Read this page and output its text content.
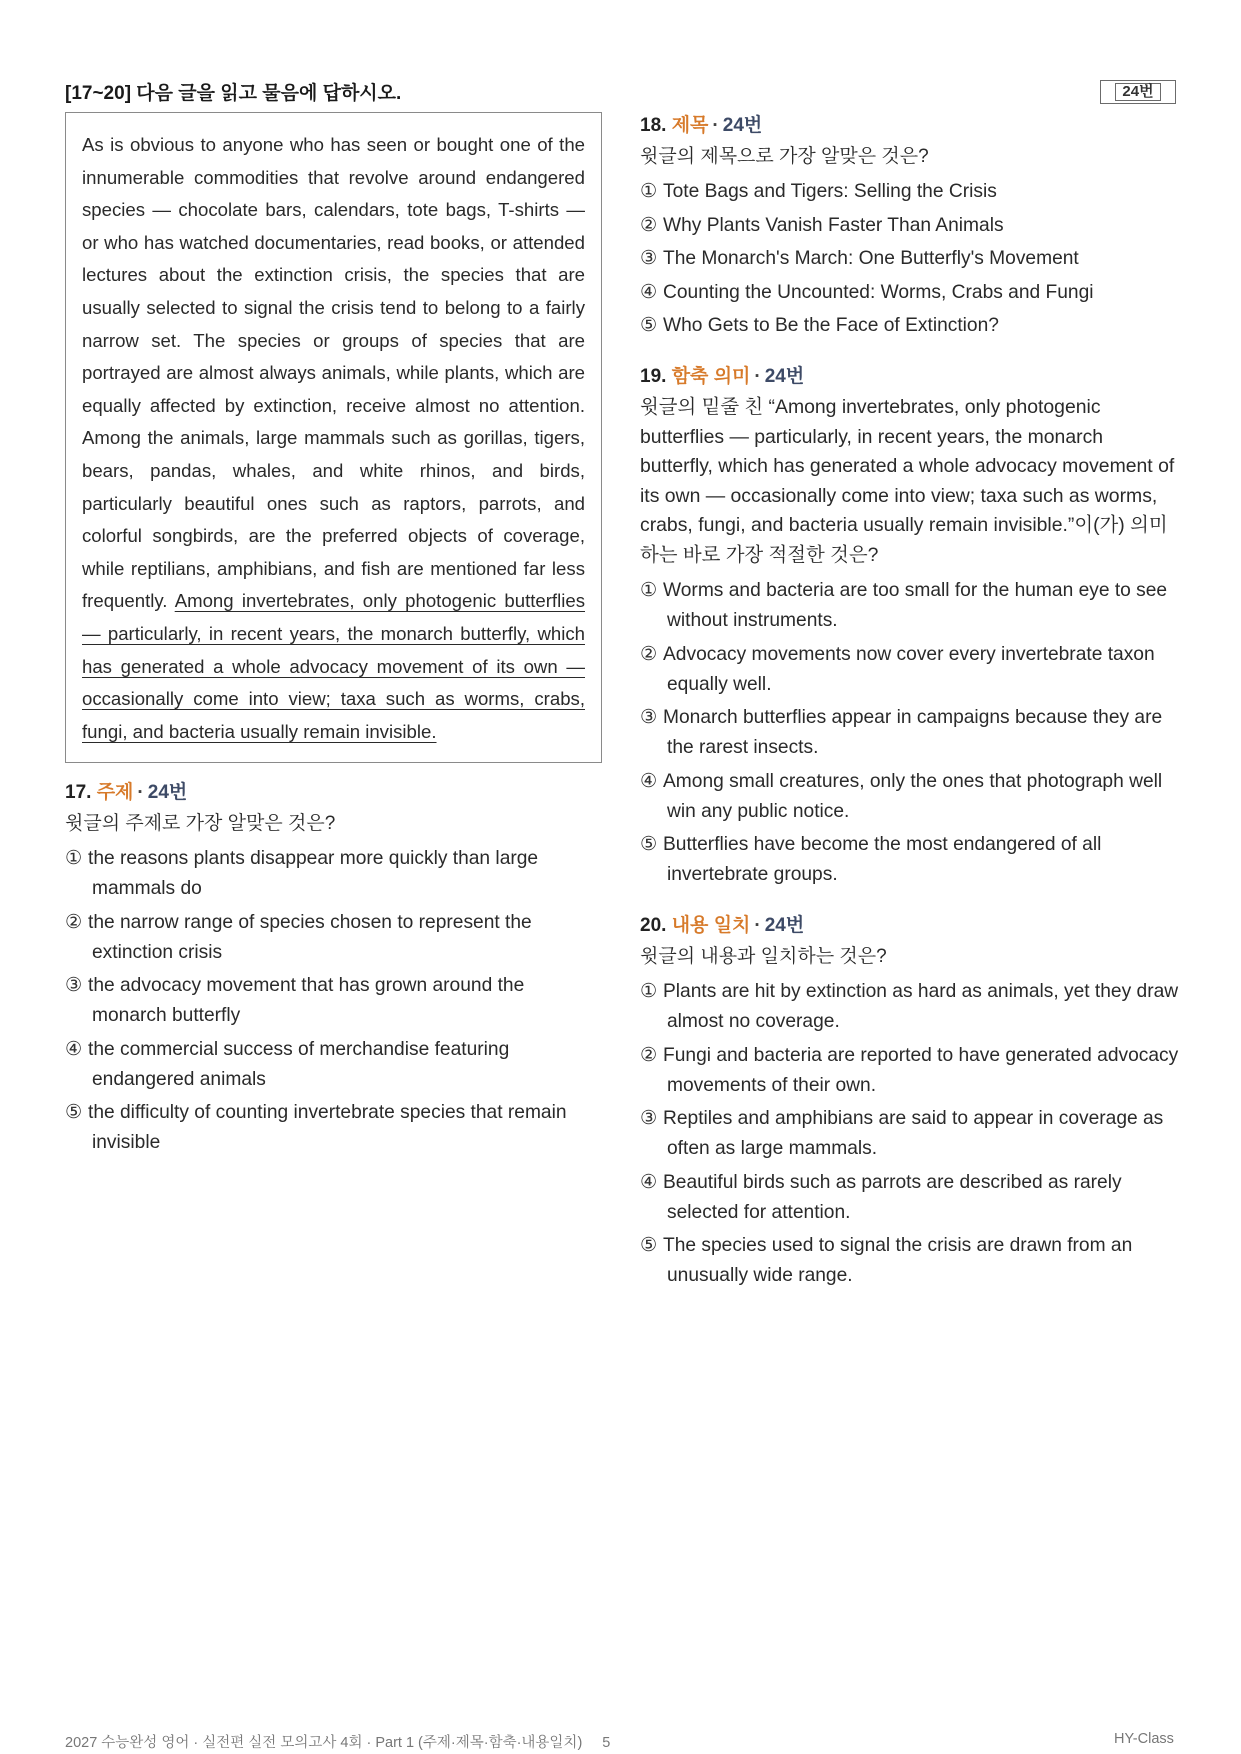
[17~20] 다음 글을 읽고 물음에 답하시오.	24번
As is obvious to anyone who has seen or bought one of the innumerable commodities that revolve around endangered species — chocolate bars, calendars, tote bags, T-shirts — or who has watched documentaries, read books, or attended lectures about the extinction crisis, the species that are usually selected to signal the crisis tend to belong to a fairly narrow set. The species or groups of species that are portrayed are almost always animals, while plants, which are equally affected by extinction, receive almost no attention. Among the animals, large mammals such as gorillas, tigers, bears, pandas, whales, and white rhinos, and birds, particularly beautiful ones such as raptors, parrots, and colorful songbirds, are the preferred objects of coverage, while reptilians, amphibians, and fish are mentioned far less frequently. Among invertebrates, only photogenic butterflies — particularly, in recent years, the monarch butterfly, which has generated a whole advocacy movement of its own — occasionally come into view; taxa such as worms, crabs, fungi, and bacteria usually remain invisible.
17. 주제 · 24번
윗글의 주제로 가장 알맞은 것은?
① the reasons plants disappear more quickly than large mammals do
② the narrow range of species chosen to represent the extinction crisis
③ the advocacy movement that has grown around the monarch butterfly
④ the commercial success of merchandise featuring endangered animals
⑤ the difficulty of counting invertebrate species that remain invisible
18. 제목 · 24번
윗글의 제목으로 가장 알맞은 것은?
① Tote Bags and Tigers: Selling the Crisis
② Why Plants Vanish Faster Than Animals
③ The Monarch's March: One Butterfly's Movement
④ Counting the Uncounted: Worms, Crabs and Fungi
⑤ Who Gets to Be the Face of Extinction?
19. 함축 의미 · 24번
윗글의 밑줄 친 “Among invertebrates, only photogenic butterflies — particularly, in recent years, the monarch butterfly, which has generated a whole advocacy movement of its own — occasionally come into view; taxa such as worms, crabs, fungi, and bacteria usually remain invisible.”이(가) 의미하는 바로 가장 적절한 것은?
① Worms and bacteria are too small for the human eye to see without instruments.
② Advocacy movements now cover every invertebrate taxon equally well.
③ Monarch butterflies appear in campaigns because they are the rarest insects.
④ Among small creatures, only the ones that photograph well win any public notice.
⑤ Butterflies have become the most endangered of all invertebrate groups.
20. 내용 일치 · 24번
윗글의 내용과 일치하는 것은?
① Plants are hit by extinction as hard as animals, yet they draw almost no coverage.
② Fungi and bacteria are reported to have generated advocacy movements of their own.
③ Reptiles and amphibians are said to appear in coverage as often as large mammals.
④ Beautiful birds such as parrots are described as rarely selected for attention.
⑤ The species used to signal the crisis are drawn from an unusually wide range.
2027 수능완성 영어 · 실전편 실전 모의고사 4회 · Part 1 (주제·제목·함축·내용일치) 5	HY-Class
